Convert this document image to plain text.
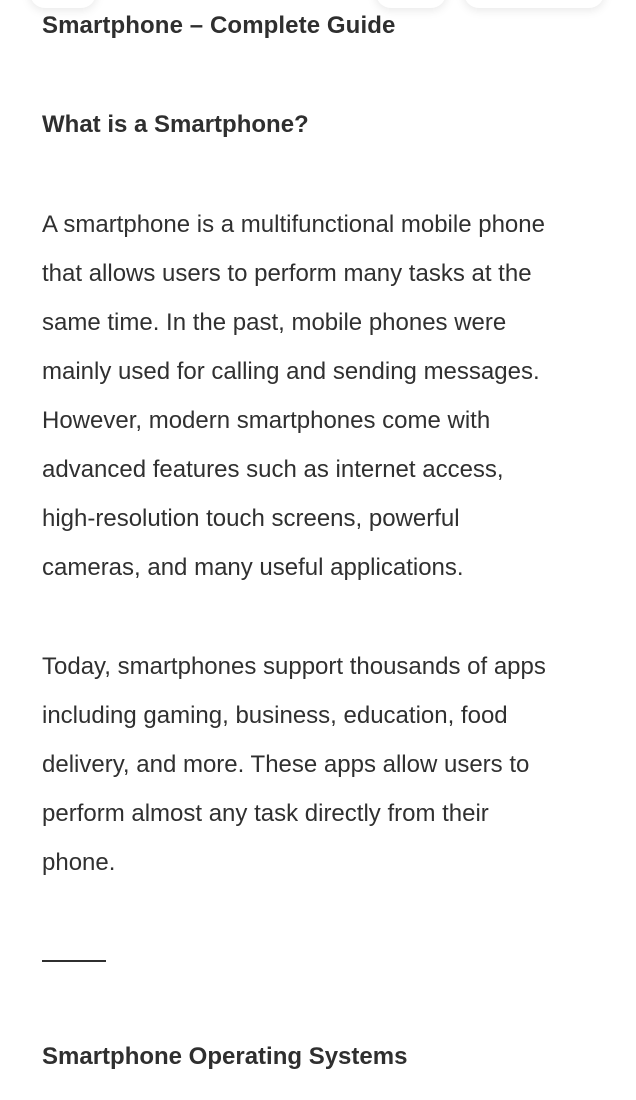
Smartphone – Complete Guide
What is a Smartphone?

A smartphone is a multifunctional mobile phone
that allows users to perform many tasks at the
same time. In the past, mobile phones were
mainly used for calling and sending messages.
However, modern smartphones come with
advanced features such as internet access,
high-resolution touch screens, powerful
cameras, and many useful applications.

Today, smartphones support thousands of apps
including gaming, business, education, food
delivery, and more. These apps allow users to
perform almost any task directly from their
phone.

Smartphone Operating Systems
